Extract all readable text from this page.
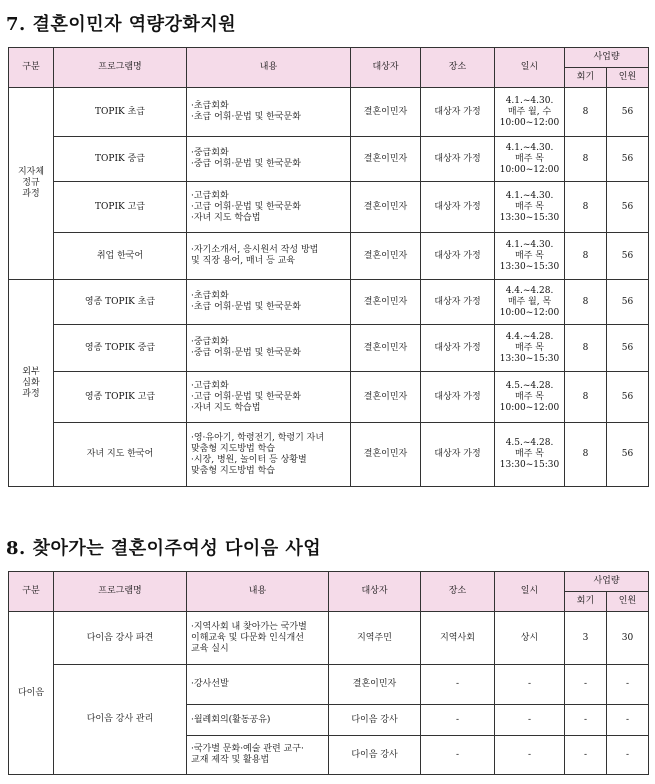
7. 결혼이민자 역량강화지원
구분	프로그램명	내용	대상자	장소	일시	사업량	
						회기	인원

지자체
정규
과정	TOPIK 초급	·초급회화
·초급 어휘·문법 및 한국문화	결혼이민자	대상자 가정	4.1.~4.30.
매주 월, 수
10:00~12:00	8	56
	TOPIK 중급	·중급회화
·중급 어휘·문법 및 한국문화	결혼이민자	대상자 가정	4.1.~4.30.
매주 목
10:00~12:00	8	56
	TOPIK 고급	·고급회화
·고급 어휘·문법 및 한국문화
·자녀 지도 학습법	결혼이민자	대상자 가정	4.1.~4.30.
매주 목
13:30~15:30	8	56
	취업 한국어	·자기소개서, 응시원서 작성 방법
및 직장 용어, 매너 등 교육	결혼이민자	대상자 가정	4.1.~4.30.
매주 목
13:30~15:30	8	56

외부
심화
과정	영종 TOPIK 초급	·초급회화
·초급 어휘·문법 및 한국문화	결혼이민자	대상자 가정	4.4.~4.28.
매주 월, 목
10:00~12:00	8	56
	영종 TOPIK 중급	·중급회화
·중급 어휘·문법 및 한국문화	결혼이민자	대상자 가정	4.4.~4.28.
매주 목
13:30~15:30	8	56
	영종 TOPIK 고급	·고급회화
·고급 어휘·문법 및 한국문화
·자녀 지도 학습법	결혼이민자	대상자 가정	4.5.~4.28.
매주 목
10:00~12:00	8	56
	자녀 지도 한국어	·영·유아기, 학령전기, 학령기 자녀
맞춤형 지도방법 학습
·시장, 병원, 놀이터 등 상황별
맞춤형 지도방법 학습	결혼이민자	대상자 가정	4.5.~4.28.
매주 목
13:30~15:30	8	56
8. 찾아가는 결혼이주여성 다이음 사업
구분	프로그램명	내용	대상자	장소	일시	사업량	
						회기	인원

다이음	다이음 강사 파견	·지역사회 내 찾아가는 국가별
이해교육 및 다문화 인식개선
교육 실시	지역주민	지역사회	상시	3	30
	다이음 강사 관리	·강사선발	결혼이민자	-	-	-	-

		·월례회의(활동공유)	다이음 강사	-	-	-	-

		·국가별 문화·예술 관련 교구·
교재 제작 및 활용법	다이음 강사	-	-	-	-
